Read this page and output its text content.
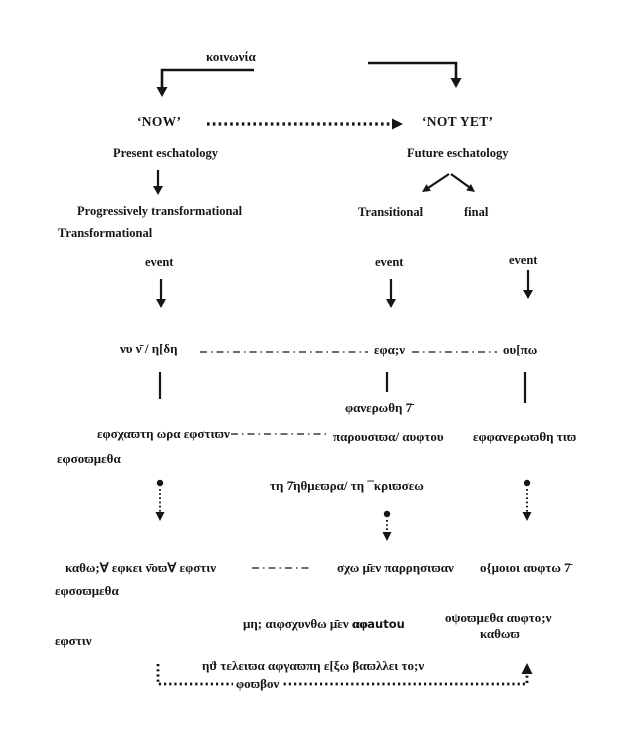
κοινωνία
‘NOW’	‘NOT YET’
Present eschatology	Future eschatology
Progressively transformational
Transformational
Transitional	final
event	event	event
νυ ν̄ / η[δη	εφα;ν	ου[πω
φανερωθη 7̄
εφσχαϖτη ωρα εφστιϖν	παρουσιϖα/ αυφτου εφφανερωϖθη τιϖ
εφσοϖμεθα
τη 7̄ηθμεϖρα/ τη ¯κριϖσεω
καθω;∀ εφκει ν̄οϖ∀ εφστιν	σχω μ̄εν παρρησιϖαν ο{μοιοι αυφτω 7̄
εφσοϖμεθα
μη; αιφσχυνθω μ̄εν αφautou	οψοϖμεθα αυφτο;ν
καθωϖ
εφστιν
ηϑ τελειϖα αφγαϖπη ε[ξω βαϖλλει το;ν
φοϖβον
